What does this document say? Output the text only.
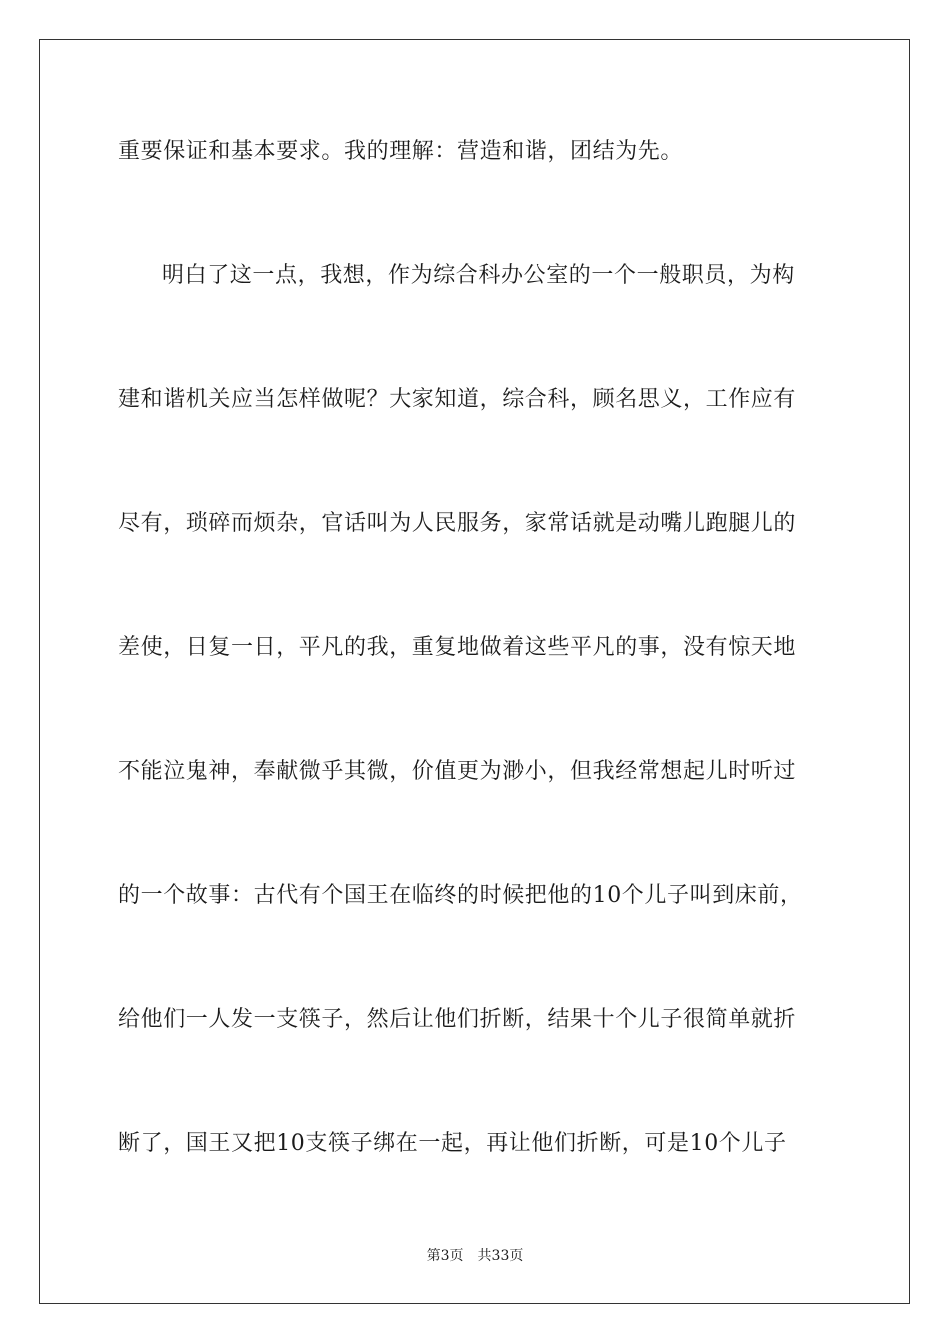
重要保证和基本要求。我的理解：营造和谐，团结为先。
明白了这一点，我想，作为综合科办公室的一个一般职员，为构
建和谐机关应当怎样做呢？大家知道，综合科，顾名思义，工作应有
尽有，琐碎而烦杂，官话叫为人民服务，家常话就是动嘴儿跑腿儿的
差使，日复一日，平凡的我，重复地做着这些平凡的事，没有惊天地
不能泣鬼神，奉献微乎其微，价值更为渺小，但我经常想起儿时听过
的一个故事：古代有个国王在临终的时候把他的10个儿子叫到床前，
给他们一人发一支筷子，然后让他们折断，结果十个儿子很简单就折
断了，国王又把10支筷子绑在一起，再让他们折断，可是10个儿子
第3页 共33页
